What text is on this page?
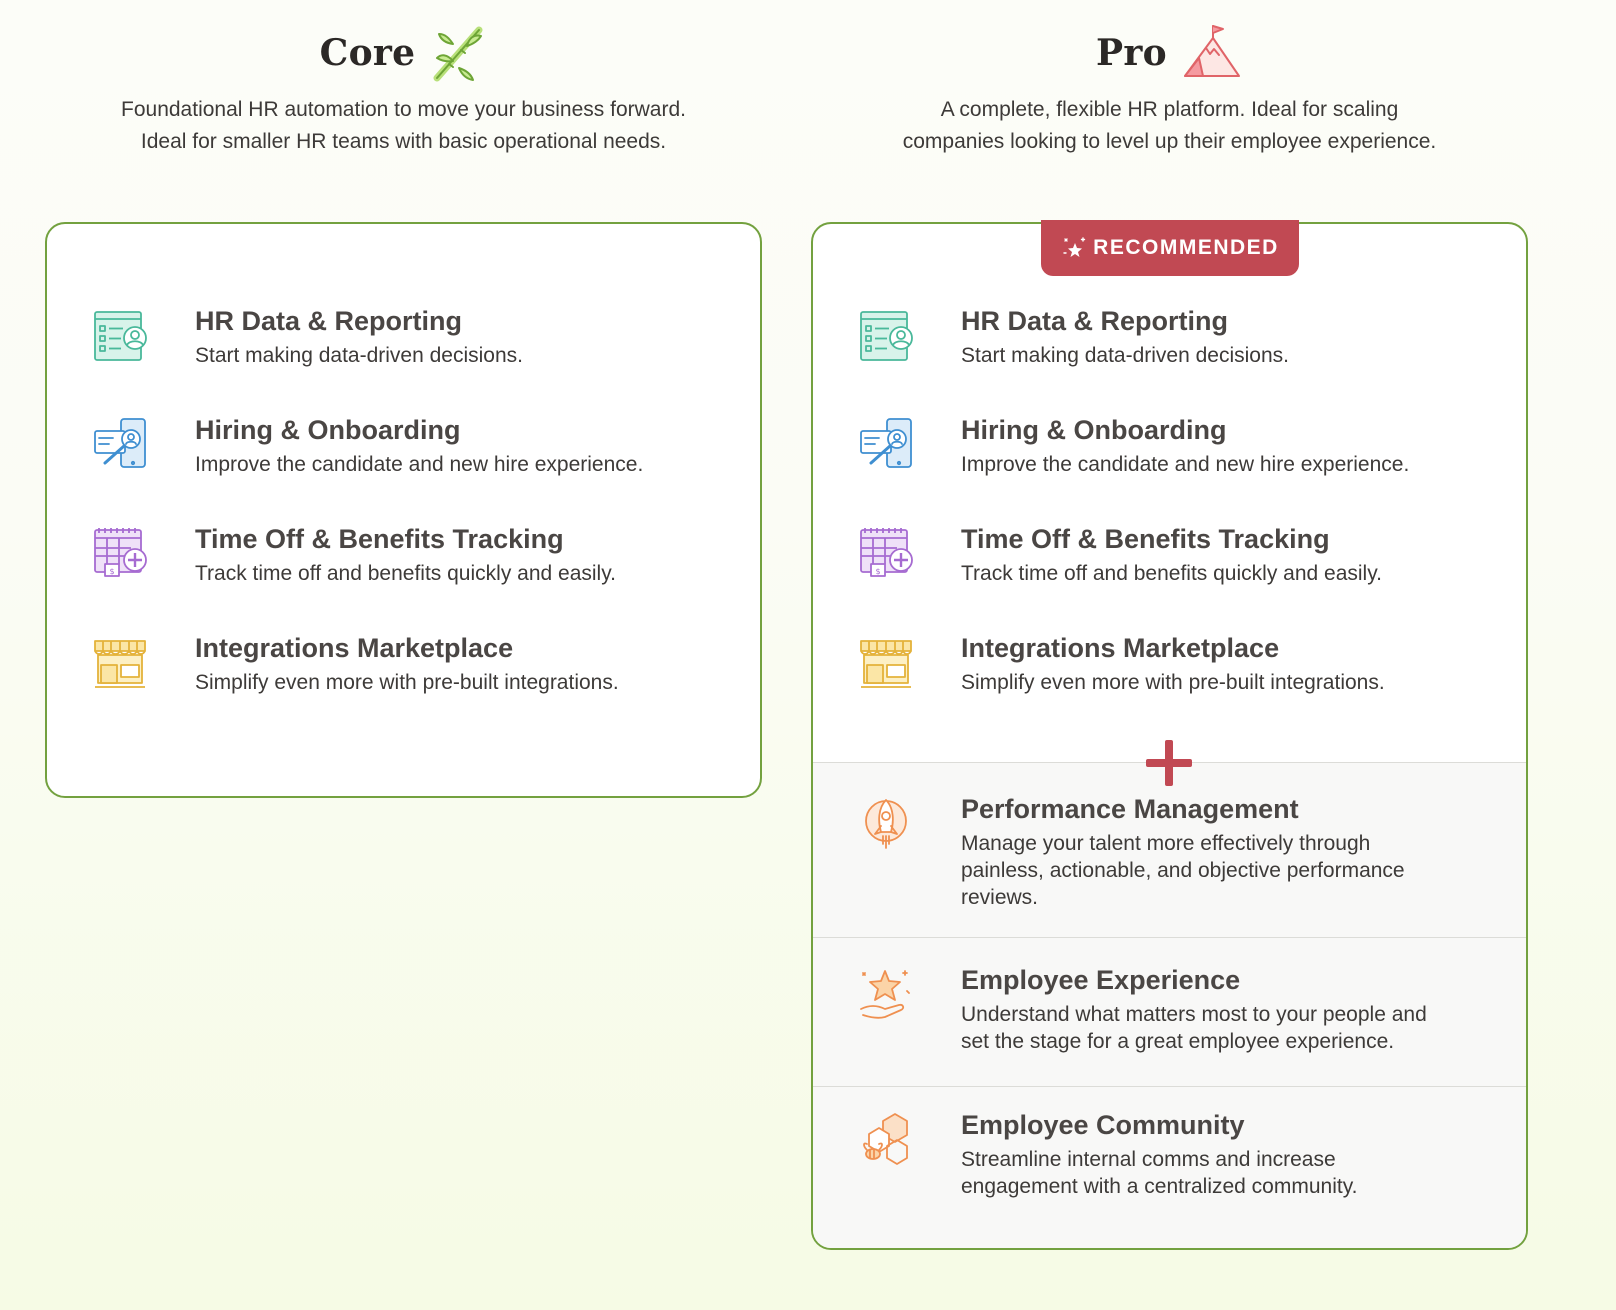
Core
Foundational HR automation to move your business forward.
Ideal for smaller HR teams with basic operational needs.
Pro
A complete, flexible HR platform. Ideal for scaling
companies looking to level up their employee experience.
HR Data & Reporting
Start making data-driven decisions.
Hiring & Onboarding
Improve the candidate and new hire experience.
Time Off & Benefits Tracking
Track time off and benefits quickly and easily.
Integrations Marketplace
Simplify even more with pre-built integrations.
HR Data & Reporting
Start making data-driven decisions.
Hiring & Onboarding
Improve the candidate and new hire experience.
Time Off & Benefits Tracking
Track time off and benefits quickly and easily.
Integrations Marketplace
Simplify even more with pre-built integrations.
Performance Management
Manage your talent more effectively through
painless, actionable, and objective performance
reviews.
Employee Experience
Understand what matters most to your people and
set the stage for a great employee experience.
Employee Community
Streamline internal comms and increase
engagement with a centralized community.
RECOMMENDED
